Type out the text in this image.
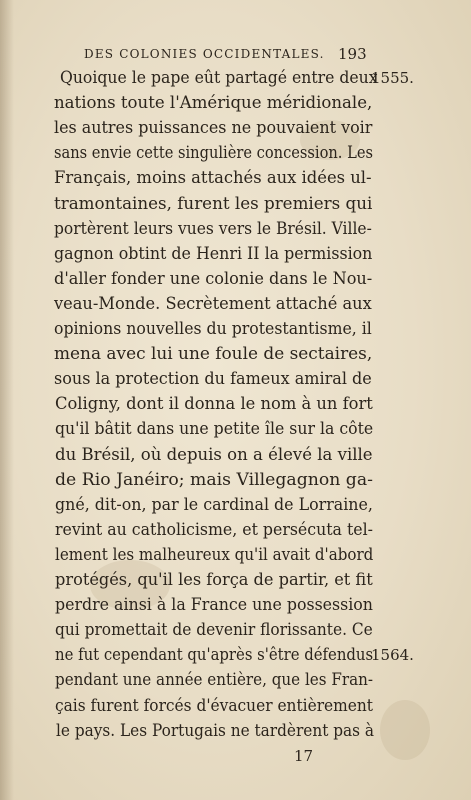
DES COLONIES OCCIDENTALES. 193
Quoique le pape eût partagé entre deux
nations toute l'Amérique méridionale,
les autres puissances ne pouvaient voir
sans envie cette singulière concession. Les
Français, moins attachés aux idées ul-
tramontaines, furent les premiers qui
portèrent leurs vues vers le Brésil. Ville-
gagnon obtint de Henri II la permission
d'aller fonder une colonie dans le Nou-
veau-Monde. Secrètement attaché aux
opinions nouvelles du protestantisme, il
mena avec lui une foule de sectaires,
sous la protection du fameux amiral de
Coligny, dont il donna le nom à un fort
qu'il bâtit dans une petite île sur la côte
du Brésil, où depuis on a élevé la ville
de Rio Janéiro; mais Villegagnon ga-
gné, dit-on, par le cardinal de Lorraine,
revint au catholicisme, et persécuta tel-
lement les malheureux qu'il avait d'abord
protégés, qu'il les força de partir, et fit
perdre ainsi à la France une possession
qui promettait de devenir florissante. Ce
ne fut cependant qu'après s'être défendus
pendant une année entière, que les Fran-
çais furent forcés d'évacuer entièrement
le pays. Les Portugais ne tardèrent pas à
1555.
1564.
17
